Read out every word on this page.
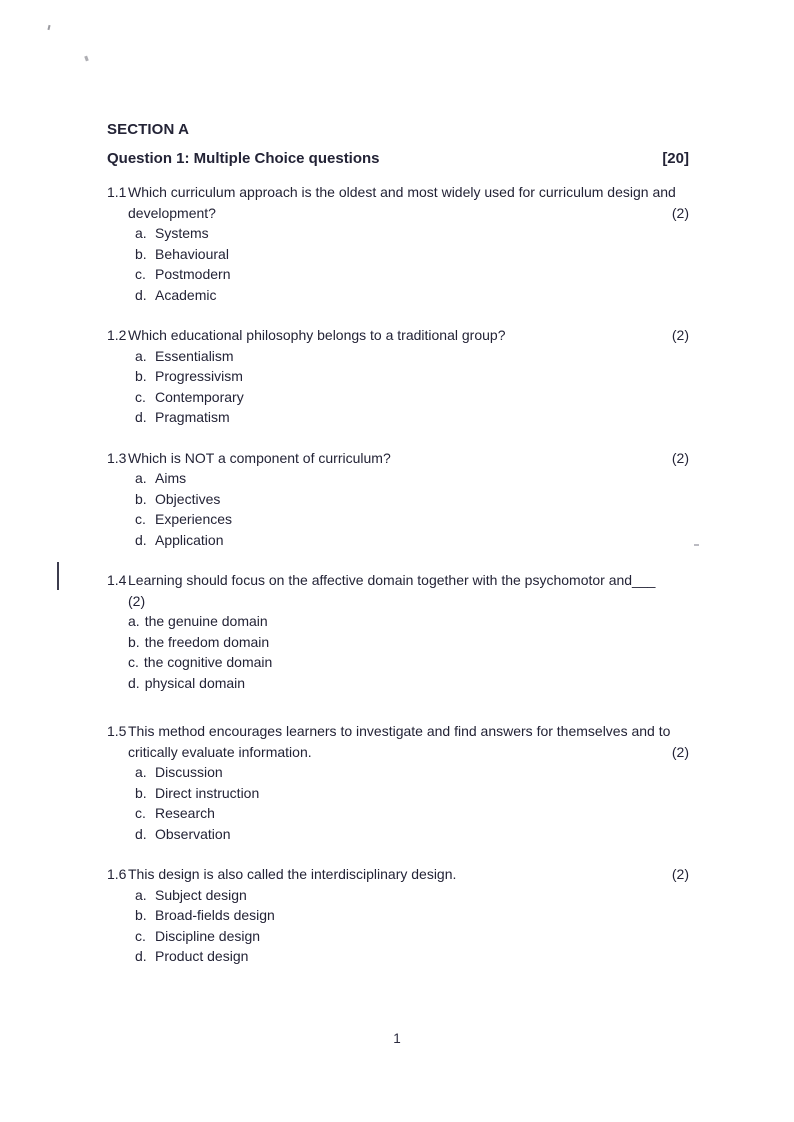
SECTION A
Question 1: Multiple Choice questions	[20]
1.1 Which curriculum approach is the oldest and most widely used for curriculum design and
development?	(2)
a. Systems
b. Behavioural
c. Postmodern
d. Academic
1.2 Which educational philosophy belongs to a traditional group?	(2)
a. Essentialism
b. Progressivism
c. Contemporary
d. Pragmatism
1.3 Which is NOT a component of curriculum?	(2)
a. Aims
b. Objectives
c. Experiences
d. Application
1.4 Learning should focus on the affective domain together with the psychomotor and___
(2)
a. the genuine domain
b. the freedom domain
c. the cognitive domain
d. physical domain
1.5 This method encourages learners to investigate and find answers for themselves and to
critically evaluate information.	(2)
a. Discussion
b. Direct instruction
c. Research
d. Observation
1.6 This design is also called the interdisciplinary design.	(2)
a. Subject design
b. Broad-fields design
c. Discipline design
d. Product design
1
